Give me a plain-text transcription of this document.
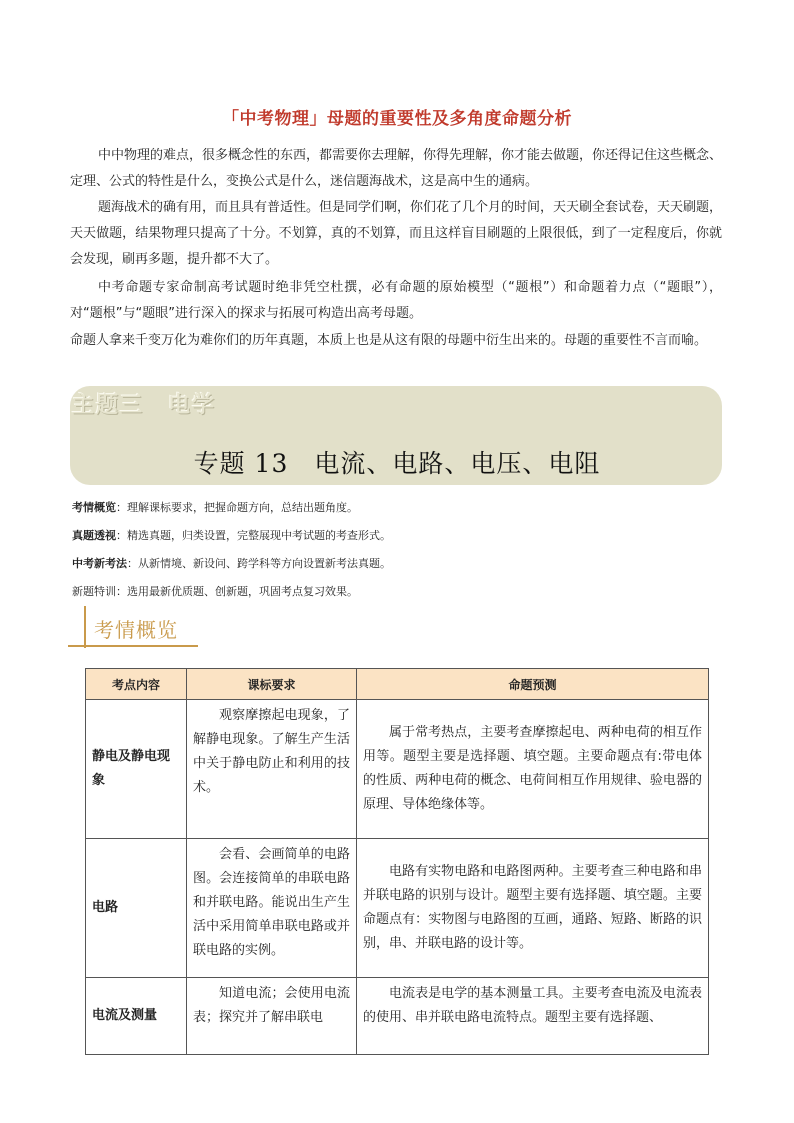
「中考物理」母题的重要性及多角度命题分析

中中物理的难点，很多概念性的东西，都需要你去理解，你得先理解，你才能去做题，你还得记住这些概念、定理、公式的特性是什么，变换公式是什么，迷信题海战术，这是高中生的通病。

题海战术的确有用，而且具有普适性。但是同学们啊，你们花了几个月的时间，天天刷全套试卷，天天刷题，天天做题，结果物理只提高了十分。不划算，真的不划算，而且这样盲目刷题的上限很低，到了一定程度后，你就会发现，刷再多题，提升都不大了。

中考命题专家命制高考试题时绝非凭空杜撰，必有命题的原始模型（“题根”）和命题着力点（“题眼”），对“题根”与“题眼”进行深入的探求与拓展可构造出高考母题。

命题人拿来千变万化为难你们的历年真题，本质上也是从这有限的母题中衍生出来的。母题的重要性不言而喻。

主题三　电学
专题 13　电流、电路、电压、电阻
考情概览：理解课标要求，把握命题方向，总结出题角度。
真题透视：精选真题，归类设置，完整展现中考试题的考查形式。
中考新考法：从新情境、新设问、跨学科等方向设置新考法真题。
新题特训：选用最新优质题、创新题，巩固考点复习效果。
考情概览
考点内容	课标要求	命题预测
静电及静电现象	观察摩擦起电现象，了解静电现象。了解生产生活中关于静电防止和利用的技术。	属于常考热点，主要考查摩擦起电、两种电荷的相互作用等。题型主要是选择题、填空题。主要命题点有:带电体的性质、两种电荷的概念、电荷间相互作用规律、验电器的原理、导体绝缘体等。
电路	会看、会画简单的电路图。会连接简单的串联电路和并联电路。能说出生产生活中采用简单串联电路或并联电路的实例。	电路有实物电路和电路图两种。主要考查三种电路和串并联电路的识别与设计。题型主要有选择题、填空题。主要命题点有：实物图与电路图的互画，通路、短路、断路的识别，串、并联电路的设计等。
电流及测量	知道电流；会使用电流表；探究并了解串联电	电流表是电学的基本测量工具。主要考查电流及电流表的使用、串并联电路电流特点。题型主要有选择题、
